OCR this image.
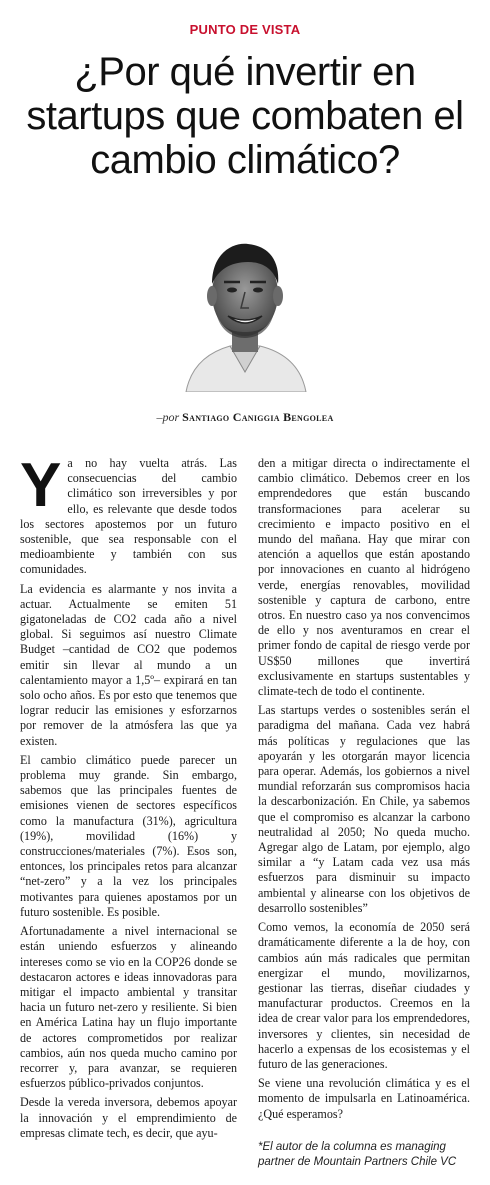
PUNTO DE VISTA
¿Por qué invertir en startups que combaten el cambio climático?
–por Santiago Caniggia Bengolea
Y a no hay vuelta atrás. Las consecuencias del cambio climático son irreversibles y por ello, es relevante que desde todos los sectores apostemos por un futuro sostenible, que sea responsable con el medioambiente y también con sus comunidades.

La evidencia es alarmante y nos invita a actuar. Actualmente se emiten 51 gigatoneladas de CO2 cada año a nivel global. Si seguimos así nuestro Climate Budget –cantidad de CO2 que podemos emitir sin llevar al mundo a un calentamiento mayor a 1,5º– expirará en tan solo ocho años. Es por esto que tenemos que lograr reducir las emisiones y esforzarnos por remover de la atmósfera las que ya existen.

El cambio climático puede parecer un problema muy grande. Sin embargo, sabemos que las principales fuentes de emisiones vienen de sectores específicos como la manufactura (31%), agricultura (19%), movilidad (16%) y construcciones/materiales (7%). Esos son, entonces, los principales retos para alcanzar “net-zero” y a la vez los principales motivantes para quienes apostamos por un futuro sostenible. Es posible.

Afortunadamente a nivel internacional se están uniendo esfuerzos y alineando intereses como se vio en la COP26 donde se destacaron actores e ideas innovadoras para mitigar el impacto ambiental y transitar hacia un futuro net-zero y resiliente. Si bien en América Latina hay un flujo importante de actores comprometidos por realizar cambios, aún nos queda mucho camino por recorrer y, para avanzar, se requieren esfuerzos público-privados conjuntos.

Desde la vereda inversora, debemos apoyar la innovación y el emprendimiento de empresas climate tech, es decir, que ayu-

den a mitigar directa o indirectamente el cambio climático. Debemos creer en los emprendedores que están buscando transformaciones para acelerar su crecimiento e impacto positivo en el mundo del mañana. Hay que mirar con atención a aquellos que están apostando por innovaciones en cuanto al hidrógeno verde, energías renovables, movilidad sostenible y captura de carbono, entre otros. En nuestro caso ya nos convencimos de ello y nos aventuramos en crear el primer fondo de capital de riesgo verde por US$50 millones que invertirá exclusivamente en startups sustentables y climate-tech de todo el continente.

Las startups verdes o sostenibles serán el paradigma del mañana. Cada vez habrá más políticas y regulaciones que las apoyarán y les otorgarán mayor licencia para operar. Además, los gobiernos a nivel mundial reforzarán sus compromisos hacia la descarbonización. En Chile, ya sabemos que el compromiso es alcanzar la carbono neutralidad al 2050; No queda mucho. Agregar algo de Latam, por ejemplo, algo similar a “y Latam cada vez usa más esfuerzos para disminuir su impacto ambiental y alinearse con los objetivos de desarrollo sostenibles”

Como vemos, la economía de 2050 será dramáticamente diferente a la de hoy, con cambios aún más radicales que permitan energizar el mundo, movilizarnos, gestionar las tierras, diseñar ciudades y manufacturar productos. Creemos en la idea de crear valor para los emprendedores, inversores y clientes, sin necesidad de hacerlo a expensas de los ecosistemas y el futuro de las generaciones.

Se viene una revolución climática y es el momento de impulsarla en Latinoamérica. ¿Qué esperamos?

*El autor de la columna es managing partner de Mountain Partners Chile VC
